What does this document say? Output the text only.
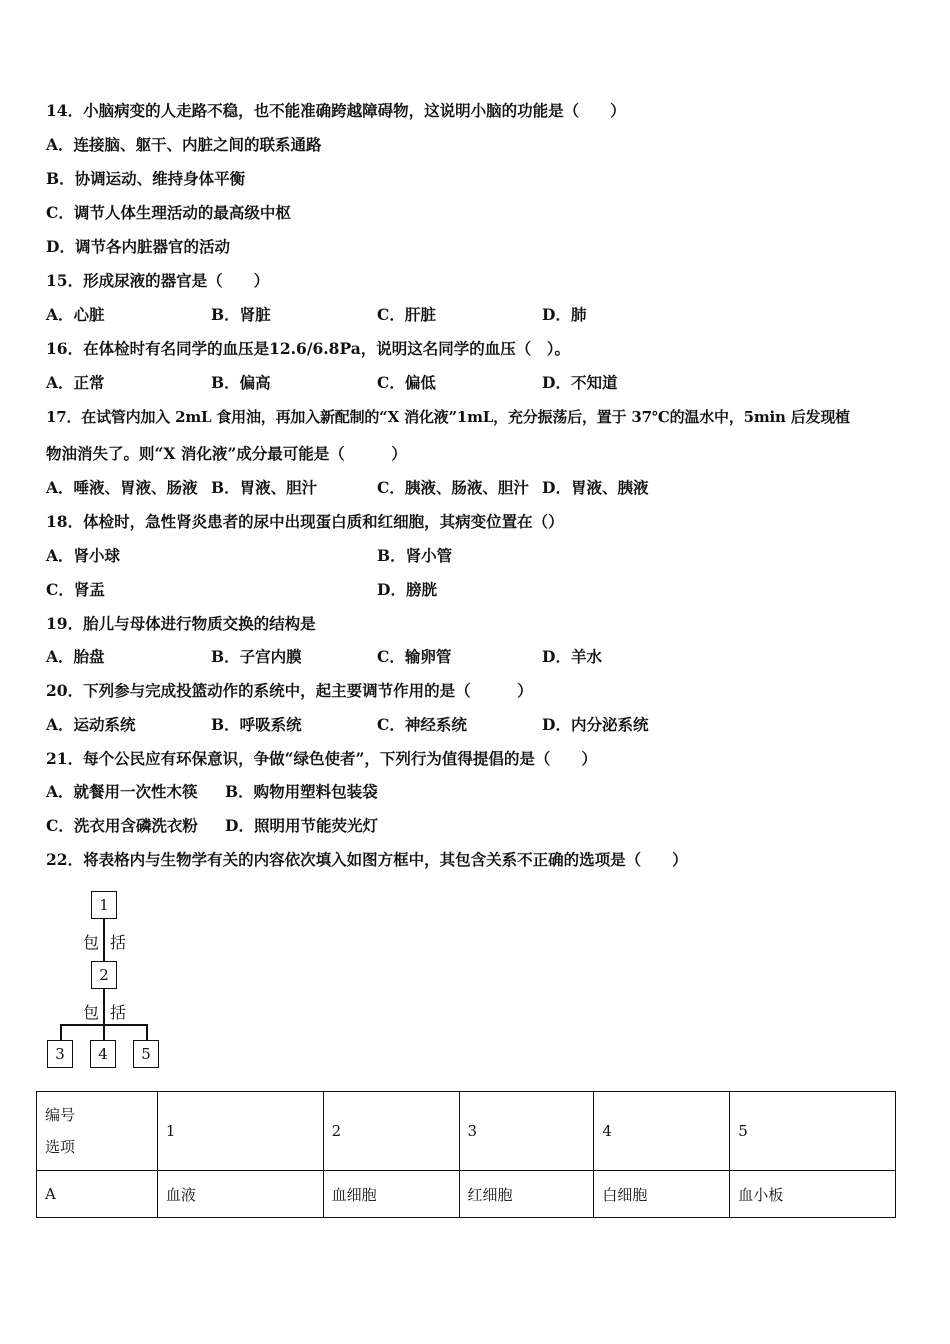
14．小脑病变的人走路不稳，也不能准确跨越障碍物，这说明小脑的功能是（　　）
A．连接脑、躯干、内脏之间的联系通路
B．协调运动、维持身体平衡
C．调节人体生理活动的最高级中枢
D．调节各内脏器官的活动
15．形成尿液的器官是（　　）
A．心脏	B．肾脏	C．肝脏	D．肺
16．在体检时有名同学的血压是12.6/6.8Pa，说明这名同学的血压（　）。
A．正常	B．偏高	C．偏低	D．不知道
17．在试管内加入 2mL 食用油，再加入新配制的“X 消化液”1mL，充分振荡后，置于 37℃的温水中，5min 后发现植
物油消失了。则“X 消化液”成分最可能是（　　　）
A．唾液、胃液、肠液 B．胃液、胆汁	C．胰液、肠液、胆汁 D．胃液、胰液
18．体检时，急性肾炎患者的尿中出现蛋白质和红细胞，其病变位置在（）
A．肾小球	B．肾小管
C．肾盂	D．膀胱
19．胎儿与母体进行物质交换的结构是
A．胎盘	B．子宫内膜	C．输卵管	D．羊水
20．下列参与完成投篮动作的系统中，起主要调节作用的是（　　　）
A．运动系统	B．呼吸系统	C．神经系统	D．内分泌系统
21．每个公民应有环保意识，争做“绿色使者”，下列行为值得提倡的是（　　）
A．就餐用一次性木筷 B．购物用塑料包装袋
C．洗衣用含磷洗衣粉 D．照明用节能荧光灯
22．将表格内与生物学有关的内容依次填入如图方框中，其包含关系不正确的选项是（　　）
1
包 括
2
包 括
3	4	5
编号
选项	1	2	3	4	5
A	血液	血细胞	红细胞	白细胞	血小板
